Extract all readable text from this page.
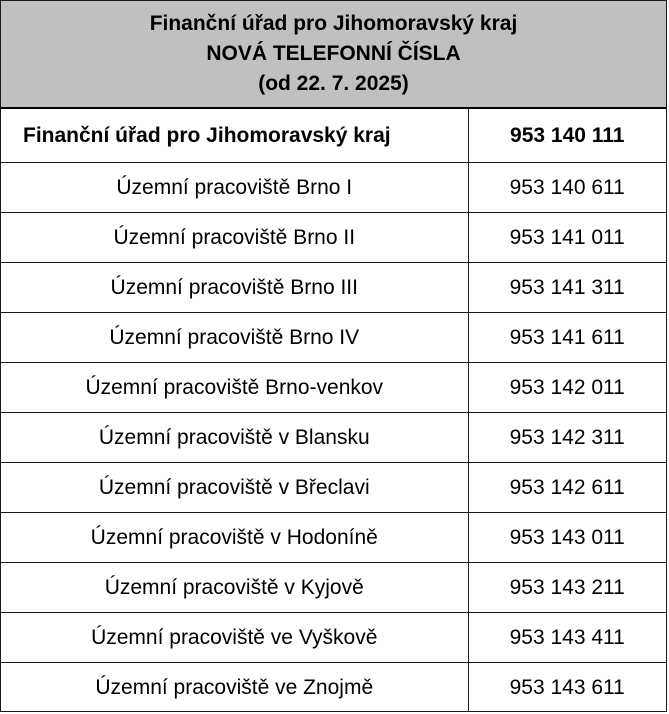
Finanční úřad pro Jihomoravský kraj
NOVÁ TELEFONNÍ ČÍSLA
(od 22. 7. 2025)
Finanční úřad pro Jihomoravský kraj	953 140 111
Územní pracoviště Brno I	953 140 611
Územní pracoviště Brno II	953 141 011
Územní pracoviště Brno III	953 141 311
Územní pracoviště Brno IV	953 141 611
Územní pracoviště Brno-venkov	953 142 011
Územní pracoviště v Blansku	953 142 311
Územní pracoviště v Břeclavi	953 142 611
Územní pracoviště v Hodoníně	953 143 011
Územní pracoviště v Kyjově	953 143 211
Územní pracoviště ve Vyškově	953 143 411
Územní pracoviště ve Znojmě	953 143 611
